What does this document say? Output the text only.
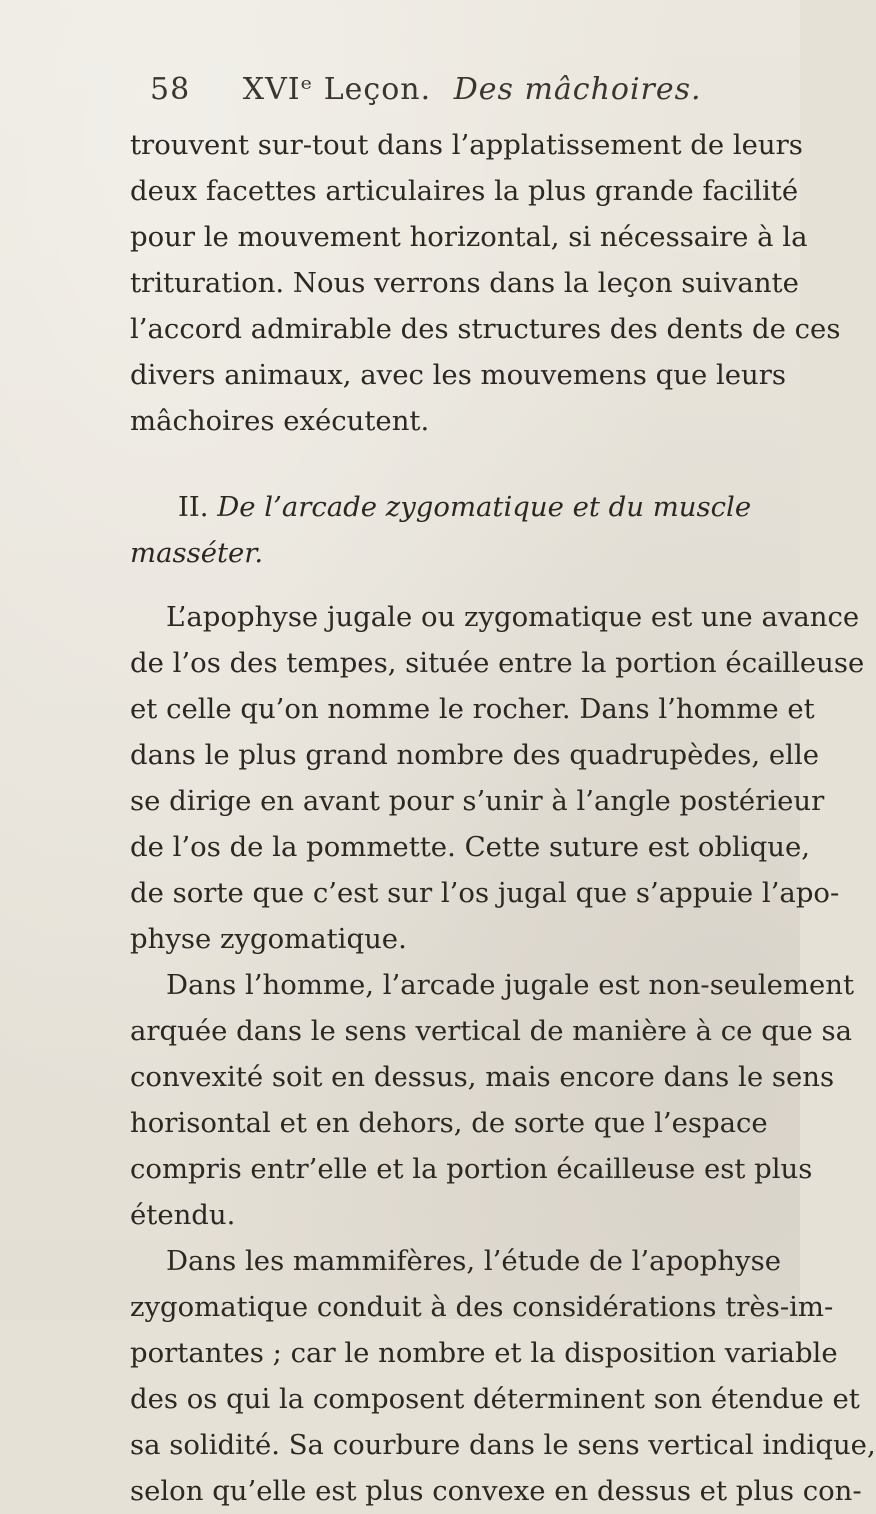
58 XVIᵉ Leçon. Des mâchoires.
trouvent sur-tout dans l’applatissement de leurs
deux facettes articulaires la plus grande facilité
pour le mouvement horizontal, si nécessaire à la
trituration. Nous verrons dans la leçon suivante
l’accord admirable des structures des dents de ces
divers animaux, avec les mouvemens que leurs
mâchoires exécutent.
II. De l’arcade zygomatique et du muscle
masséter.
L’apophyse jugale ou zygomatique est une avance
de l’os des tempes, située entre la portion écailleuse
et celle qu’on nomme le rocher. Dans l’homme et
dans le plus grand nombre des quadrupèdes, elle
se dirige en avant pour s’unir à l’angle postérieur
de l’os de la pommette. Cette suture est oblique,
de sorte que c’est sur l’os jugal que s’appuie l’apo-
physe zygomatique.
Dans l’homme, l’arcade jugale est non-seulement
arquée dans le sens vertical de manière à ce que sa
convexité soit en dessus, mais encore dans le sens
horisontal et en dehors, de sorte que l’espace
compris entr’elle et la portion écailleuse est plus
étendu.
Dans les mammifères, l’étude de l’apophyse
zygomatique conduit à des considérations très-im-
portantes ; car le nombre et la disposition variable
des os qui la composent déterminent son étendue et
sa solidité. Sa courbure dans le sens vertical indique,
selon qu’elle est plus convexe en dessus et plus con-
